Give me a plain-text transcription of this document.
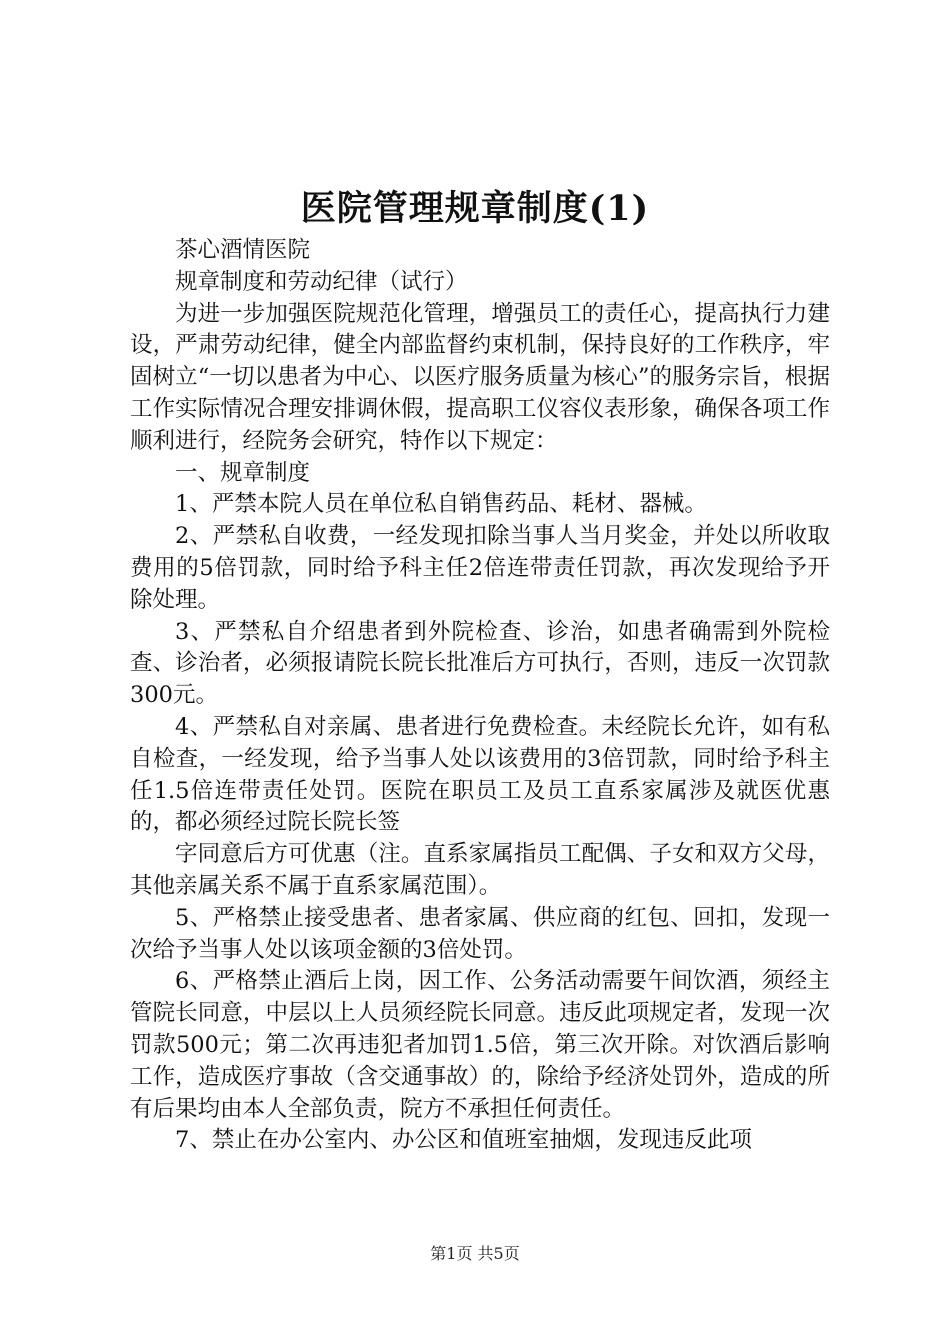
医院管理规章制度(1)

茶心酒情医院

规章制度和劳动纪律（试行）

为进一步加强医院规范化管理，增强员工的责任心，提高执行力建设，严肃劳动纪律，健全内部监督约束机制，保持良好的工作秩序，牢固树立“一切以患者为中心、以医疗服务质量为核心”的服务宗旨，根据工作实际情况合理安排调休假，提高职工仪容仪表形象，确保各项工作顺利进行，经院务会研究，特作以下规定：

一、规章制度

1、严禁本院人员在单位私自销售药品、耗材、器械。

2、严禁私自收费，一经发现扣除当事人当月奖金，并处以所收取费用的5倍罚款，同时给予科主任2倍连带责任罚款，再次发现给予开除处理。

3、严禁私自介绍患者到外院检查、诊治，如患者确需到外院检查、诊治者，必须报请院长院长批准后方可执行，否则，违反一次罚款300元。

4、严禁私自对亲属、患者进行免费检查。未经院长允许，如有私自检查，一经发现，给予当事人处以该费用的3倍罚款，同时给予科主任1.5倍连带责任处罚。医院在职员工及员工直系家属涉及就医优惠的，都必须经过院长院长签

字同意后方可优惠（注。直系家属指员工配偶、子女和双方父母，其他亲属关系不属于直系家属范围）。

5、严格禁止接受患者、患者家属、供应商的红包、回扣，发现一次给予当事人处以该项金额的3倍处罚。

6、严格禁止酒后上岗，因工作、公务活动需要午间饮酒，须经主管院长同意，中层以上人员须经院长同意。违反此项规定者，发现一次罚款500元；第二次再违犯者加罚1.5倍，第三次开除。对饮酒后影响工作，造成医疗事故（含交通事故）的，除给予经济处罚外，造成的所有后果均由本人全部负责，院方不承担任何责任。

7、禁止在办公室内、办公区和值班室抽烟，发现违反此项

第1页 共5页
